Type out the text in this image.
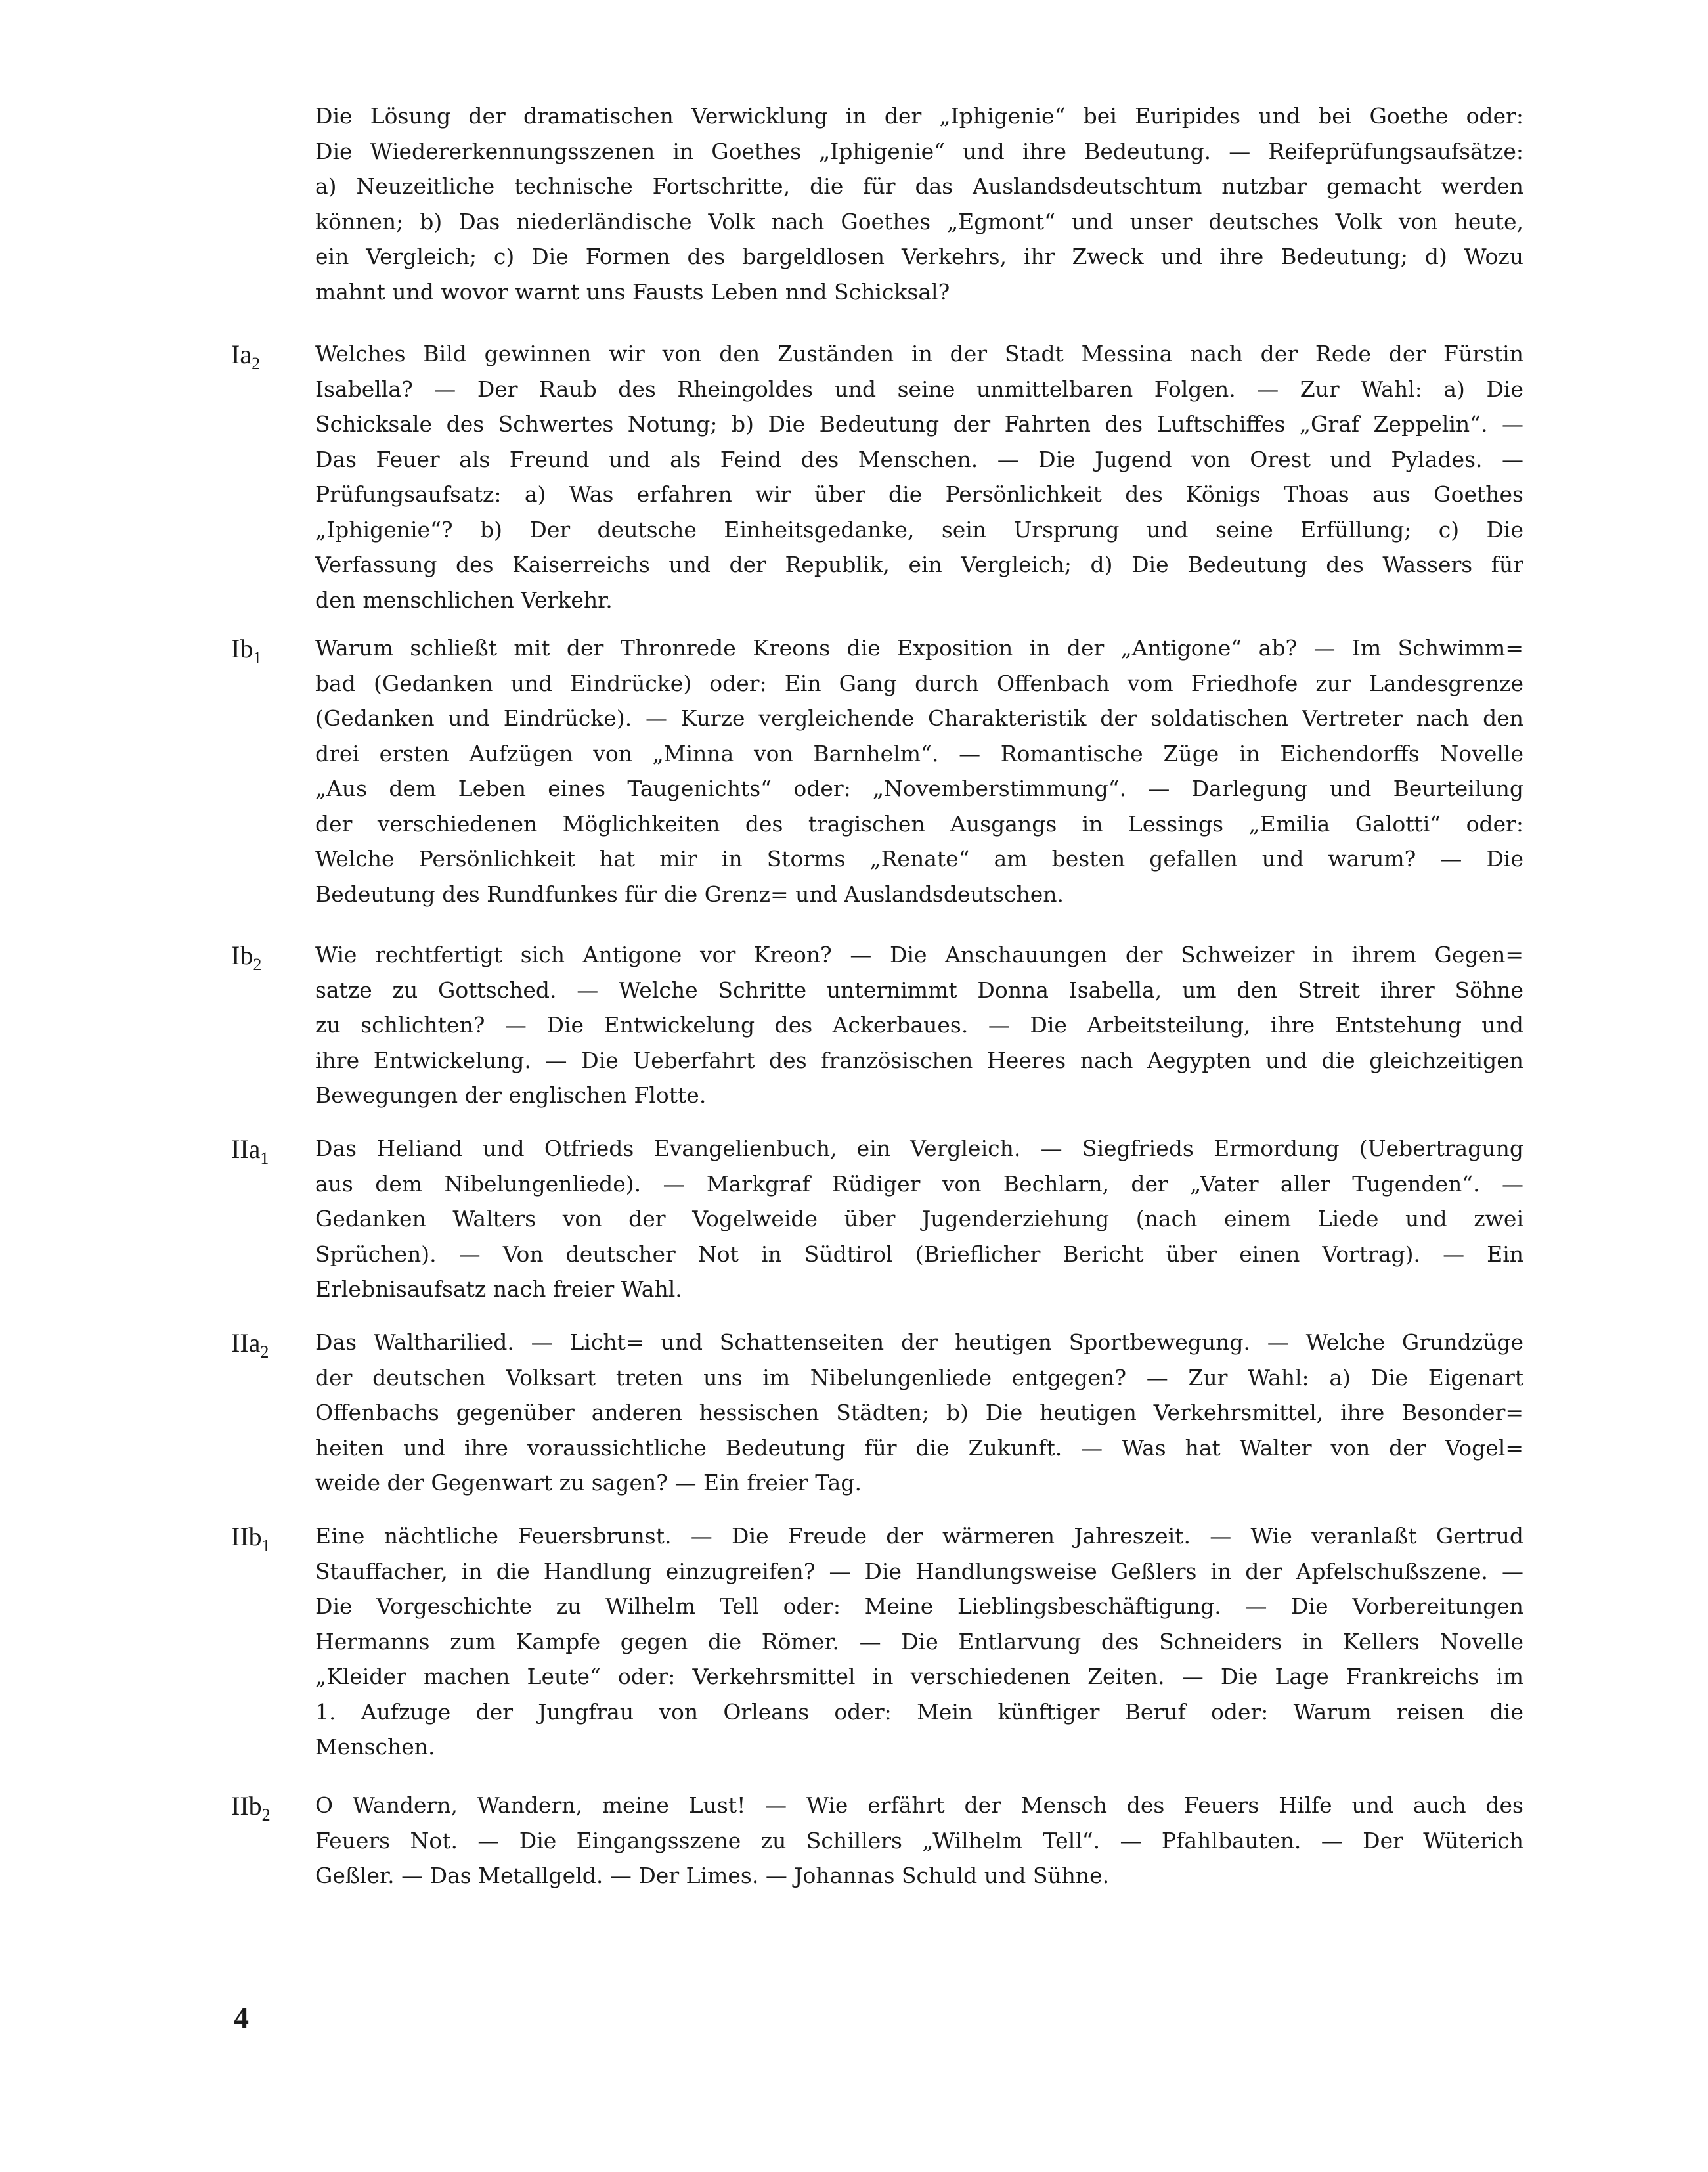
Die Lösung der dramatischen Verwicklung in der „Iphigenie“ bei Euripides und bei Goethe oder:
Die Wiedererkennungsszenen in Goethes „Iphigenie“ und ihre Bedeutung. — Reifeprüfungsaufsätze:
a) Neuzeitliche technische Fortschritte, die für das Auslandsdeutschtum nutzbar gemacht werden
können; b) Das niederländische Volk nach Goethes „Egmont“ und unser deutsches Volk von heute,
ein Vergleich; c) Die Formen des bargeldlosen Verkehrs, ihr Zweck und ihre Bedeutung; d) Wozu
mahnt und wovor warnt uns Fausts Leben nnd Schicksal?
$Ia_2$	Welches Bild gewinnen wir von den Zuständen in der Stadt Messina nach der Rede der Fürstin
Isabella? — Der Raub des Rheingoldes und seine unmittelbaren Folgen. — Zur Wahl: a) Die
Schicksale des Schwertes Notung; b) Die Bedeutung der Fahrten des Luftschiffes „Graf Zeppelin“. —
Das Feuer als Freund und als Feind des Menschen. — Die Jugend von Orest und Pylades. —
Prüfungsaufsatz: a) Was erfahren wir über die Persönlichkeit des Königs Thoas aus Goethes
„Iphigenie“? b) Der deutsche Einheitsgedanke, sein Ursprung und seine Erfüllung; c) Die
Verfassung des Kaiserreichs und der Republik, ein Vergleich; d) Die Bedeutung des Wassers für
den menschlichen Verkehr.
$Ib_1$ Warum schließt mit der Thronrede Kreons die Exposition in der „Antigone“ ab? — Im Schwimm=
bad (Gedanken und Eindrücke) oder: Ein Gang durch Offenbach vom Friedhofe zur Landesgrenze
(Gedanken und Eindrücke). — Kurze vergleichende Charakteristik der soldatischen Vertreter nach den
drei ersten Aufzügen von „Minna von Barnhelm“. — Romantische Züge in Eichendorffs Novelle
„Aus dem Leben eines Taugenichts“ oder: „Novemberstimmung“. — Darlegung und Beurteilung
der verschiedenen Möglichkeiten des tragischen Ausgangs in Lessings „Emilia Galotti“ oder:
Welche Persönlichkeit hat mir in Storms „Renate“ am besten gefallen und warum? — Die
Bedeutung des Rundfunkes für die Grenz= und Auslandsdeutschen.
$Ib_2$ Wie rechtfertigt sich Antigone vor Kreon? — Die Anschauungen der Schweizer in ihrem Gegen=
satze zu Gottsched. — Welche Schritte unternimmt Donna Isabella, um den Streit ihrer Söhne
zu schlichten? — Die Entwickelung des Ackerbaues. — Die Arbeitsteilung, ihre Entstehung und
ihre Entwickelung. — Die Ueberfahrt des französischen Heeres nach Aegypten und die gleichzeitigen
Bewegungen der englischen Flotte.
IIa$_1$ Das Heliand und Otfrieds Evangelienbuch, ein Vergleich. — Siegfrieds Ermordung (Uebertragung
aus dem Nibelungenliede). — Markgraf Rüdiger von Bechlarn, der „Vater aller Tugenden“. —
Gedanken Walters von der Vogelweide über Jugenderziehung (nach einem Liede und zwei
Sprüchen). — Von deutscher Not in Südtirol (Brieflicher Bericht über einen Vortrag). — Ein
Erlebnisaufsatz nach freier Wahl.
IIa$_2$ Das Waltharilied. — Licht= und Schattenseiten der heutigen Sportbewegung. — Welche Grundzüge
der deutschen Volksart treten uns im Nibelungenliede entgegen? — Zur Wahl: a) Die Eigenart
Offenbachs gegenüber anderen hessischen Städten; b) Die heutigen Verkehrsmittel, ihre Besonder=
heiten und ihre voraussichtliche Bedeutung für die Zukunft. — Was hat Walter von der Vogel=
weide der Gegenwart zu sagen? — Ein freier Tag.
IIb$_1$ Eine nächtliche Feuersbrunst. — Die Freude der wärmeren Jahreszeit. — Wie veranlaßt Gertrud
Stauffacher, in die Handlung einzugreifen? — Die Handlungsweise Geßlers in der Apfelschußszene. —
Die Vorgeschichte zu Wilhelm Tell oder: Meine Lieblingsbeschäftigung. — Die Vorbereitungen
Hermanns zum Kampfe gegen die Römer. — Die Entlarvung des Schneiders in Kellers Novelle
„Kleider machen Leute“ oder: Verkehrsmittel in verschiedenen Zeiten. — Die Lage Frankreichs im
1. Aufzuge der Jungfrau von Orleans oder: Mein künftiger Beruf oder: Warum reisen die
Menschen.
IIb$_2$ O Wandern, Wandern, meine Lust! — Wie erfährt der Mensch des Feuers Hilfe und auch des
Feuers Not. — Die Eingangsszene zu Schillers „Wilhelm Tell“. — Pfahlbauten. — Der Wüterich
Geßler. — Das Metallgeld. — Der Limes. — Johannas Schuld und Sühne.
4
